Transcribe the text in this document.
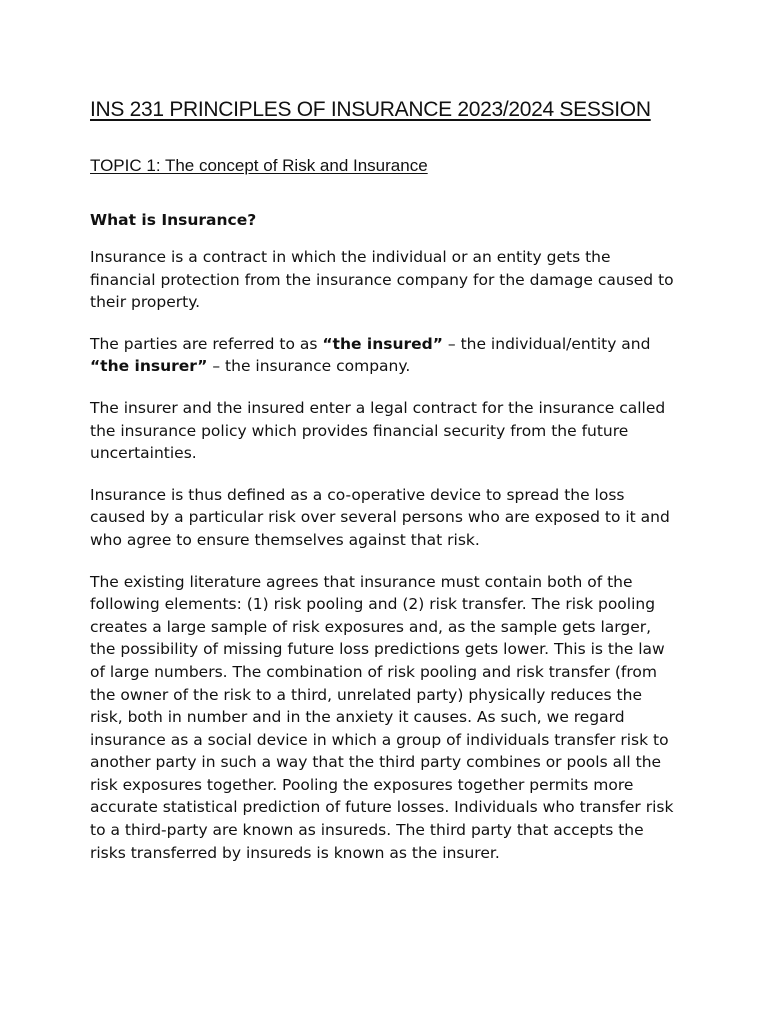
INS 231 PRINCIPLES OF INSURANCE 2023/2024 SESSION
TOPIC 1: The concept of Risk and Insurance
What is Insurance?

Insurance is a contract in which the individual or an entity gets the financial protection from the insurance company for the damage caused to their property.

The parties are referred to as “the insured” – the individual/entity and “the insurer” – the insurance company.

The insurer and the insured enter a legal contract for the insurance called the insurance policy which provides financial security from the future uncertainties.

Insurance is thus defined as a co-operative device to spread the loss caused by a particular risk over several persons who are exposed to it and who agree to ensure themselves against that risk.

The existing literature agrees that insurance must contain both of the following elements: (1) risk pooling and (2) risk transfer. The risk pooling creates a large sample of risk exposures and, as the sample gets larger, the possibility of missing future loss predictions gets lower. This is the law of large numbers. The combination of risk pooling and risk transfer (from the owner of the risk to a third, unrelated party) physically reduces the risk, both in number and in the anxiety it causes. As such, we regard insurance as a social device in which a group of individuals transfer risk to another party in such a way that the third party combines or pools all the risk exposures together. Pooling the exposures together permits more accurate statistical prediction of future losses. Individuals who transfer risk to a third-party are known as insureds. The third party that accepts the risks transferred by insureds is known as the insurer.
